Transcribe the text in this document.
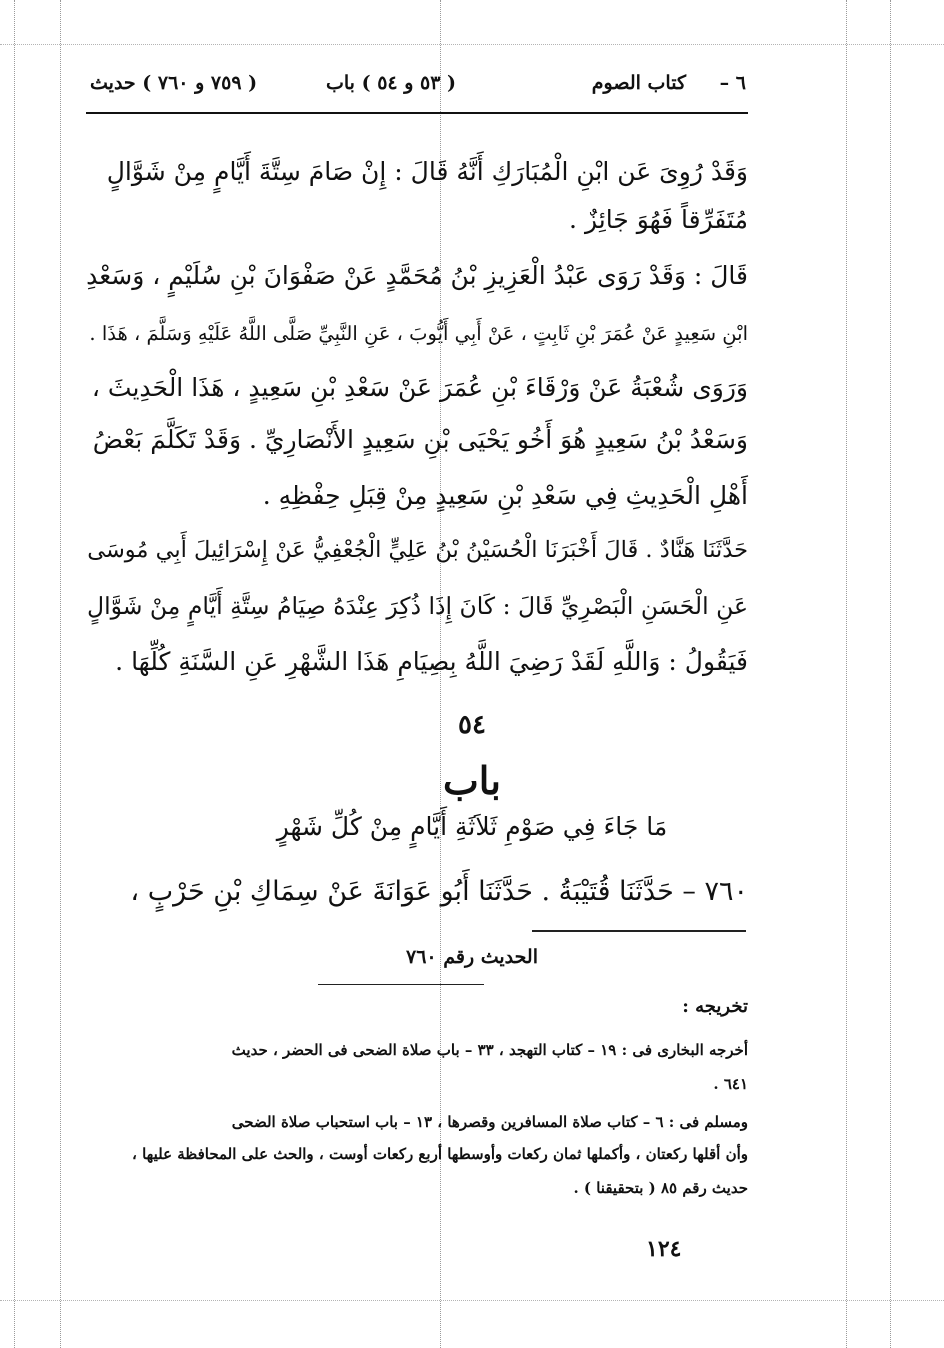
٦ –
كتاب الصوم
( ٥٣ و ٥٤ ) باب
( ٧٥٩ و ٧٦٠ ) حديث
وَقَدْ رُوِىَ عَن ابْنِ الْمُبَارَكِ أَنَّهُ قَالَ : إِنْ صَامَ سِتَّةَ أَيَّامٍ مِنْ شَوَّالٍ
مُتَفَرِّقاً فَهُوَ جَائِزٌ .
قَالَ : وَقَدْ رَوَى عَبْدُ الْعَزِيزِ بْنُ مُحَمَّدٍ عَنْ صَفْوَانَ بْنِ سُلَيْمٍ ، وَسَعْدِ
ابْنِ سَعِيدٍ عَنْ عُمَرَ بْنِ ثَابِتٍ ، عَنْ أَبِي أَيُّوبَ ، عَنِ النَّبِيِّ صَلَّى اللَّهُ عَلَيْهِ وَسَلَّمَ ، هَذَا .
وَرَوَى شُعْبَةُ عَنْ وَرْقَاءَ بْنِ عُمَرَ عَنْ سَعْدِ بْنِ سَعِيدٍ ، هَذَا الْحَدِيثَ ،
وَسَعْدُ بْنُ سَعِيدٍ هُوَ أَخُو يَحْيَى بْنِ سَعِيدٍ الأَنْصَارِيِّ . وَقَدْ تَكَلَّمَ بَعْضُ
أَهْلِ الْحَدِيثِ فِي سَعْدِ بْنِ سَعِيدٍ مِنْ قِبَلِ حِفْظِهِ .
حَدَّثَنَا هَنَّادٌ . قَالَ أَخْبَرَنَا الْحُسَيْنُ بْنُ عَلِيٍّ الْجُعْفِيُّ عَنْ إِسْرَائِيلَ أَبِي مُوسَى
عَنِ الْحَسَنِ الْبَصْرِيِّ قَالَ : كَانَ إِذَا ذُكِرَ عِنْدَهُ صِيَامُ سِتَّةِ أَيَّامٍ مِنْ شَوَّالٍ
فَيَقُولُ : وَاللَّهِ لَقَدْ رَضِيَ اللَّهُ بِصِيَامِ هَذَا الشَّهْرِ عَنِ السَّنَةِ كُلِّهَا .
٥٤
باب
مَا جَاءَ فِي صَوْمِ ثَلاَثَةِ أَيَّامٍ مِنْ كُلِّ شَهْرٍ
٧٦٠ – حَدَّثَنَا قُتَيْبَةُ . حَدَّثَنَا أَبُو عَوَانَةَ عَنْ سِمَاكِ بْنِ حَرْبٍ ،
الحديث رقم ٧٦٠
تخريجه :
أخرجه البخارى فى : ١٩ – كتاب التهجد ، ٣٣ – باب صلاة الضحى فى الحضر ، حديث
٦٤١ .
ومسلم فى : ٦ – كتاب صلاة المسافرين وقصرها ، ١٣ – باب استحباب صلاة الضحى
وأن أقلها ركعتان ، وأكملها ثمان ركعات وأوسطها أربع ركعات أوست ، والحث على المحافظة عليها ،
حديث رقم ٨٥ ( بتحقيقنا ) .
١٢٤
